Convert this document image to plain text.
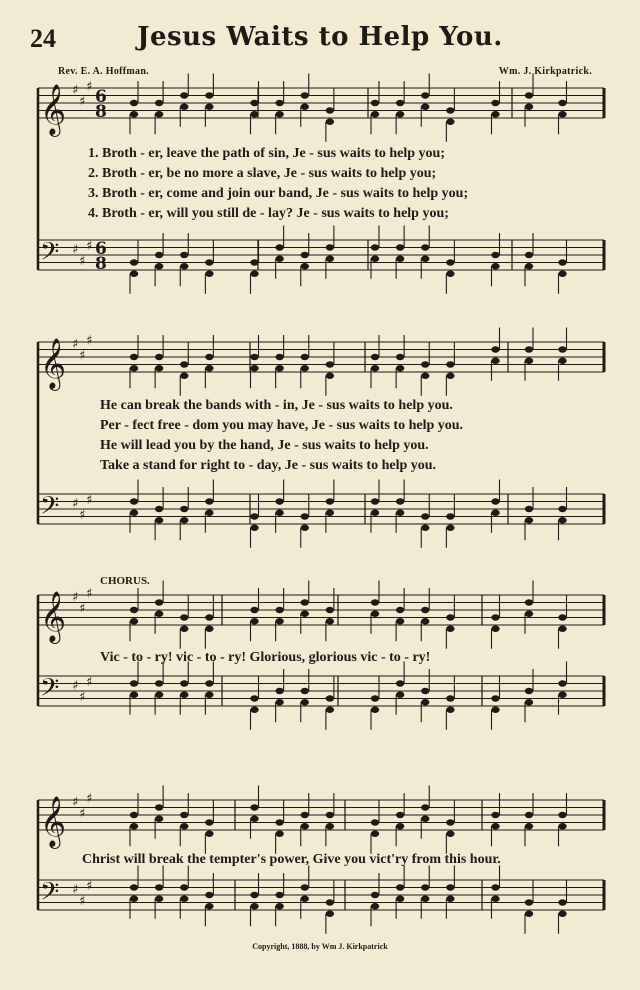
24	Jesus Waits to Help You.
Rev. E. A. Hoffman.	Wm. J. Kirkpatrick.
𝄞 ♯
♯
♯
6
8
𝄢 ♯
♯
♯ 6
8
𝄞 ♯
♯
♯
𝄢 ♯
♯
♯
𝄞 ♯
♯
♯
𝄢 ♯
♯
♯
𝄞 ♯
♯
♯
𝄢 ♯
♯
♯
1. Broth - er, leave the path of sin, Je - sus waits to help you;
2. Broth - er, be no more a slave, Je - sus waits to help you;
3. Broth - er, come and join our band, Je - sus waits to help you;
4. Broth - er, will you still de - lay? Je - sus waits to help you;
He can break the bands with - in, Je - sus waits to help you.
Per - fect free - dom you may have, Je - sus waits to help you.
He will lead you by the hand, Je - sus waits to help you.
Take a stand for right to - day, Je - sus waits to help you.
CHORUS.
Vic - to - ry! vic - to - ry! Glorious, glorious vic - to - ry!
Christ will break the tempter's power, Give you vict'ry from this hour.
Copyright, 1888, by Wm J. Kirkpatrick
